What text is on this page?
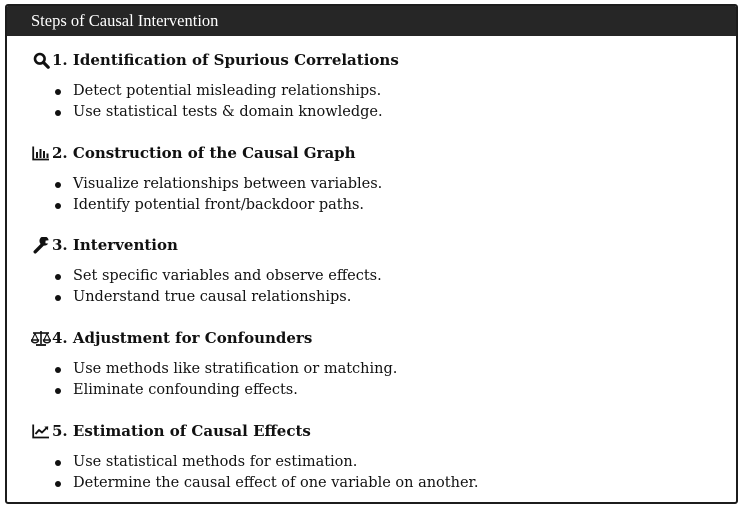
Steps of Causal Intervention
1. Identification of Spurious Correlations
Detect potential misleading relationships.
Use statistical tests & domain knowledge.
2. Construction of the Causal Graph
Visualize relationships between variables.
Identify potential front/backdoor paths.
3. Intervention
Set specific variables and observe effects.
Understand true causal relationships.
4. Adjustment for Confounders
Use methods like stratification or matching.
Eliminate confounding effects.
5. Estimation of Causal Effects
Use statistical methods for estimation.
Determine the causal effect of one variable on another.
